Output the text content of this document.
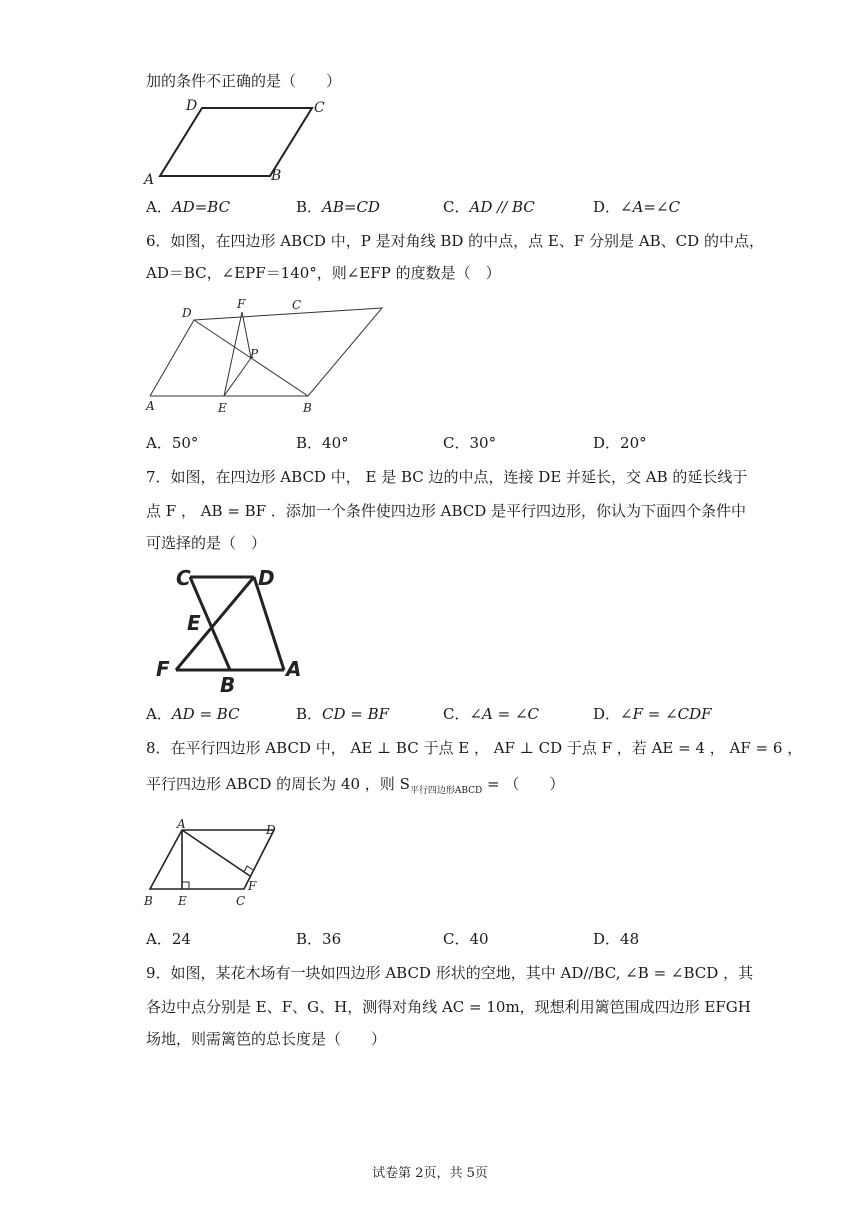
加的条件不正确的是（　　）
D	C
A	B
A．AD=BC	B．AB=CD	C．AD // BC	D．∠A=∠C
6．如图，在四边形 ABCD 中，P 是对角线 BD 的中点，点 E、F 分别是 AB、CD 的中点，
AD＝BC，∠EPF＝140°，则∠EFP 的度数是（　）
D
F	C
P
A	E	B
A．50°	B．40°	C．30°	D．20°
7．如图，在四边形 ABCD 中， E 是 BC 边的中点，连接 DE 并延长，交 AB 的延长线于
点 F ， AB = BF ．添加一个条件使四边形 ABCD 是平行四边形，你认为下面四个条件中
可选择的是（　）
C	D
E
F
B
A
A．AD = BC	B．CD = BF	C．∠A = ∠C	D．∠F = ∠CDF
8．在平行四边形 ABCD 中， AE ⊥ BC 于点 E ， AF ⊥ CD 于点 F ，若 AE = 4 ， AF = 6 ，
平行四边形 ABCD 的周长为 40 ，则 $S_{平行四边形ABCD}$ = （　　）
A	D
F
B E	C
A．24	B．36	C．40	D．48
9．如图，某花木场有一块如四边形 ABCD 形状的空地，其中 AD//BC, ∠B = ∠BCD ，其
各边中点分别是 E、F、G、H，测得对角线 AC = 10m，现想利用篱笆围成四边形 EFGH
场地，则需篱笆的总长度是（　　）
试卷第 2页，共 5页
